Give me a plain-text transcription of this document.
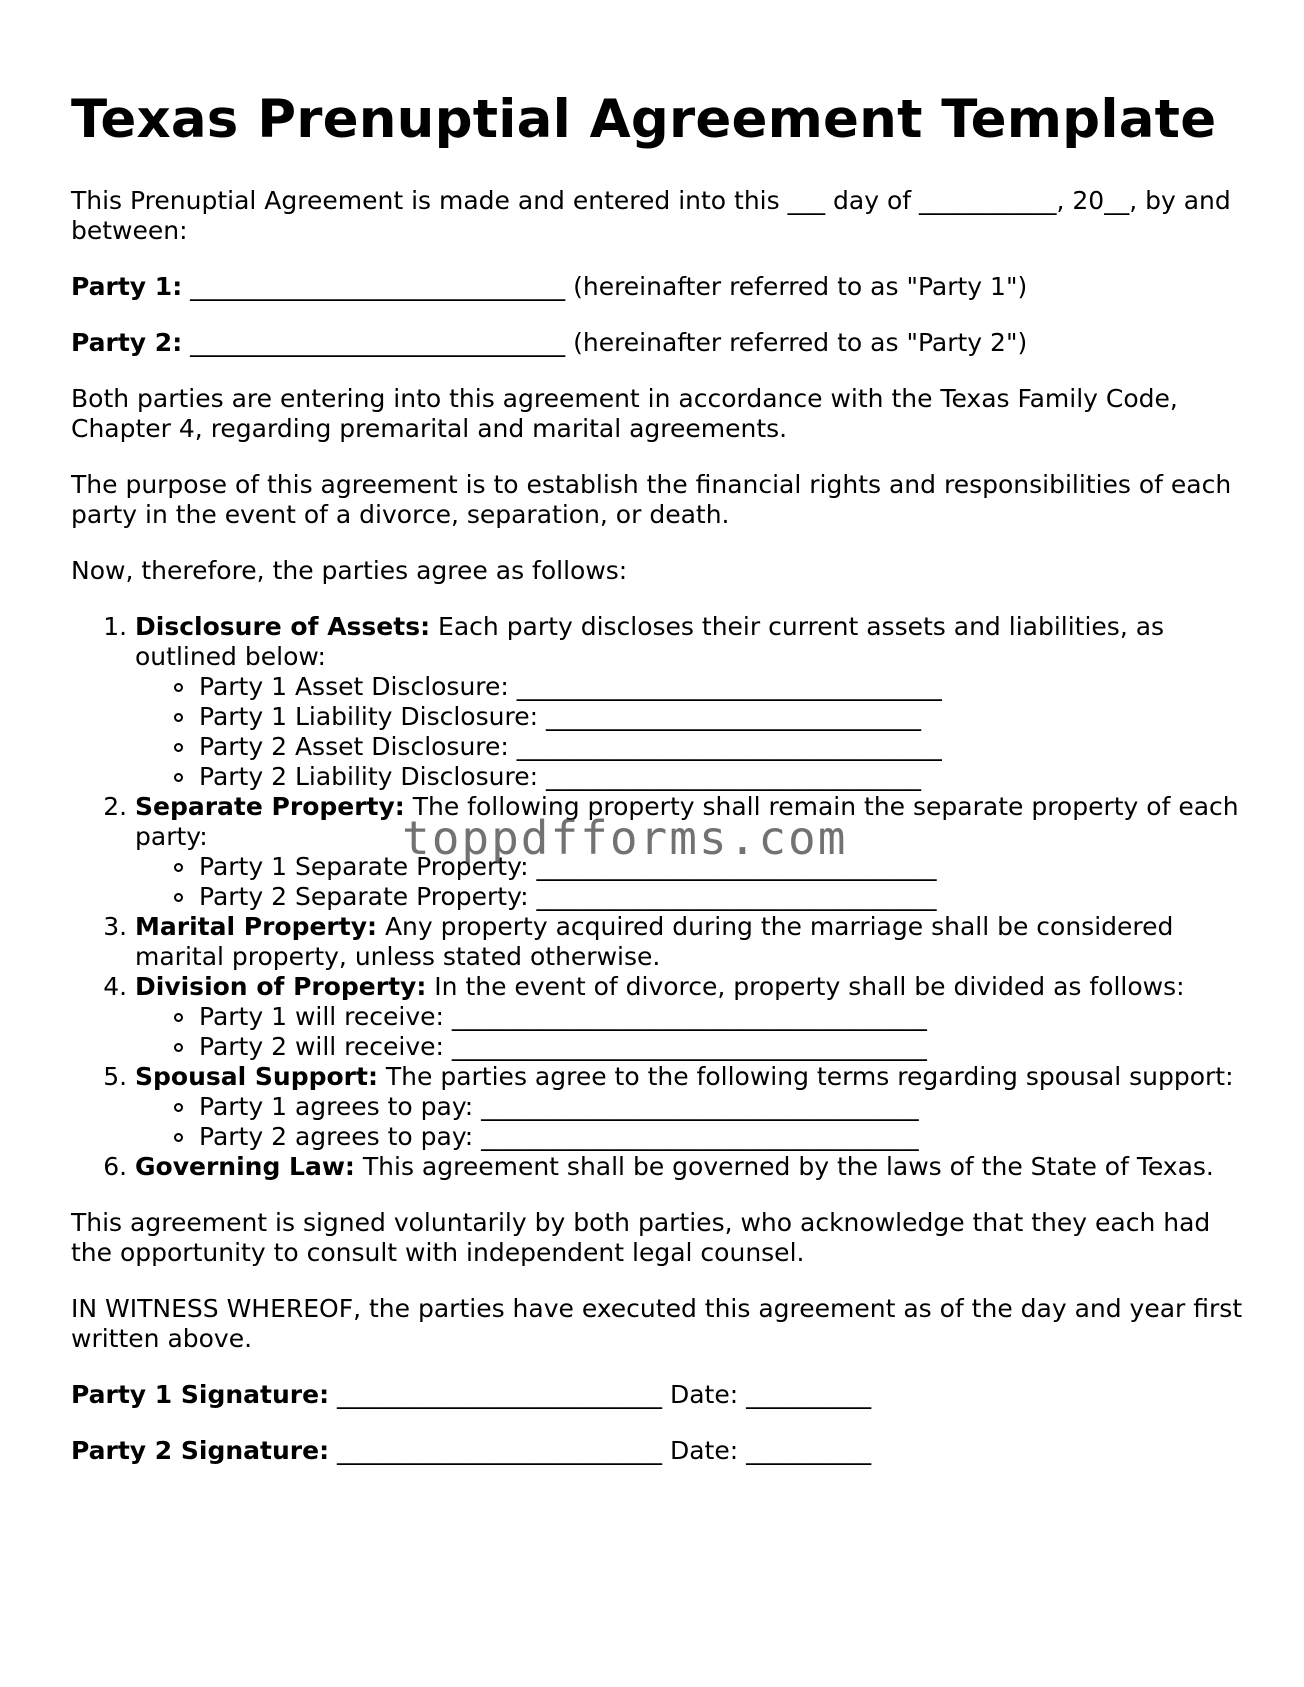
Texas Prenuptial Agreement Template

This Prenuptial Agreement is made and entered into this ___ day of ___________, 20__, by and between:

Party 1: ______________________________ (hereinafter referred to as "Party 1")

Party 2: ______________________________ (hereinafter referred to as "Party 2")

Both parties are entering into this agreement in accordance with the Texas Family Code, Chapter 4, regarding premarital and marital agreements.

The purpose of this agreement is to establish the financial rights and responsibilities of each party in the event of a divorce, separation, or death.

Now, therefore, the parties agree as follows:

1. Disclosure of Assets: Each party discloses their current assets and liabilities, as outlined below:
Party 1 Asset Disclosure: __________________________________
Party 1 Liability Disclosure: ______________________________
Party 2 Asset Disclosure: __________________________________
Party 2 Liability Disclosure: ______________________________
2. Separate Property: The following property shall remain the separate property of each party:
Party 1 Separate Property: ________________________________
Party 2 Separate Property: ________________________________
3. Marital Property: Any property acquired during the marriage shall be considered marital property, unless stated otherwise.
4. Division of Property: In the event of divorce, property shall be divided as follows:
Party 1 will receive: ______________________________________
Party 2 will receive: ______________________________________
5. Spousal Support: The parties agree to the following terms regarding spousal support:
Party 1 agrees to pay: ___________________________________
Party 2 agrees to pay: ___________________________________
6. Governing Law: This agreement shall be governed by the laws of the State of Texas.

This agreement is signed voluntarily by both parties, who acknowledge that they each had the opportunity to consult with independent legal counsel.

IN WITNESS WHEREOF, the parties have executed this agreement as of the day and year first written above.

Party 1 Signature: __________________________ Date: __________

Party 2 Signature: __________________________ Date: __________

toppdfforms.com
